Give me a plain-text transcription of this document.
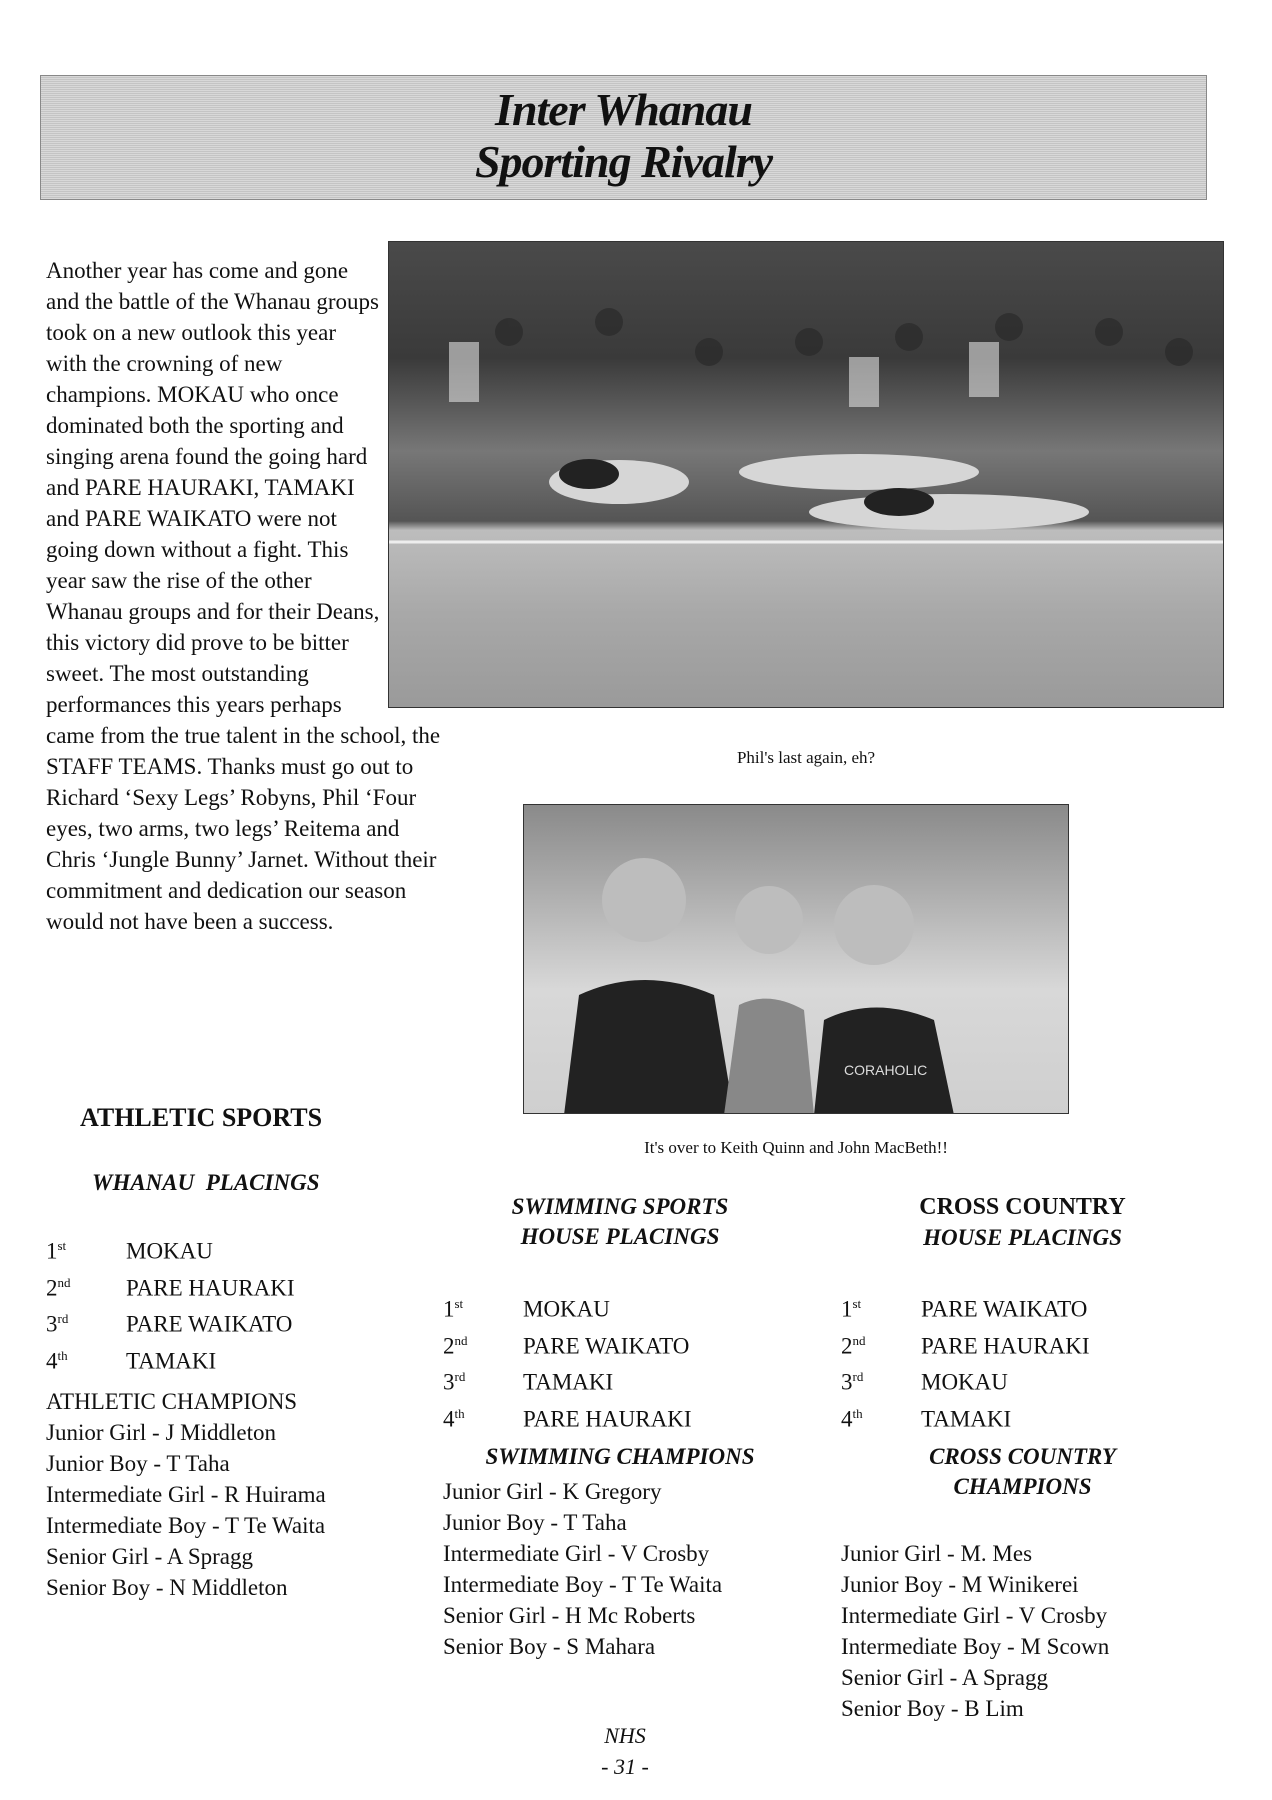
Inter Whanau
Sporting Rivalry

Another year has come and gone and the battle of the Whanau groups took on a new outlook this year with the crowning of new champions. MOKAU who once dominated both the sporting and singing arena found the going hard and PARE HAURAKI, TAMAKI and PARE WAIKATO were not going down without a fight. This year saw the rise of the other Whanau groups and for their Deans, this victory did prove to be bitter sweet. The most outstanding performances this years perhaps came from the true talent in the school, the STAFF TEAMS. Thanks must go out to Richard ‘Sexy Legs’ Robyns, Phil ‘Four eyes, two arms, two legs’ Reitema and Chris ‘Jungle Bunny’ Jarnet. Without their commitment and dedication our season would not have been a success.

Phil's last again, eh?
CORAHOLIC
It's over to Keith Quinn and John MacBeth!!
ATHLETIC SPORTS
WHANAU  PLACINGS
1st	MOKAU
2nd PARE HAURAKI
3rd	PARE WAIKATO
4th	TAMAKI
ATHLETIC CHAMPIONS
Junior Girl - J Middleton
Junior Boy - T Taha
Intermediate Girl - R Huirama
Intermediate Boy - T Te Waita
Senior Girl - A Spragg
Senior Boy - N Middleton
SWIMMING SPORTS
HOUSE PLACINGS
1st	MOKAU
2nd PARE WAIKATO
3rd	TAMAKI
4th	PARE HAURAKI
SWIMMING CHAMPIONS
Junior Girl - K Gregory
Junior Boy - T Taha
Intermediate Girl - V Crosby
Intermediate Boy - T Te Waita
Senior Girl - H Mc Roberts
Senior Boy - S Mahara
CROSS COUNTRY
HOUSE PLACINGS
1st	PARE WAIKATO
2nd PARE HAURAKI
3rd	MOKAU
4th	TAMAKI
CROSS COUNTRY
CHAMPIONS
Junior Girl - M. Mes
Junior Boy - M Winikerei
Intermediate Girl - V Crosby
Intermediate Boy - M Scown
Senior Girl - A Spragg
Senior Boy - B Lim
NHS
- 31 -
